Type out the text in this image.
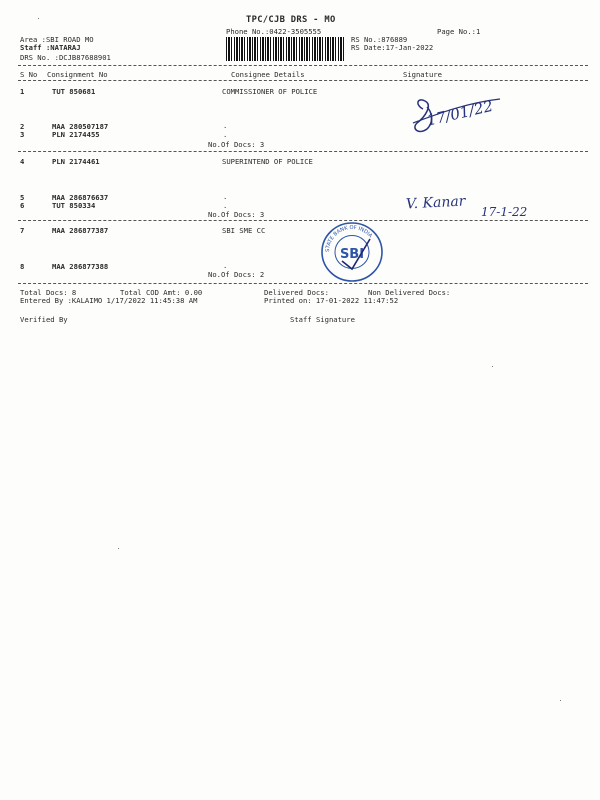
TPC/CJB DRS - MO
Phone No.:0422-3505555	Page No.:1
Area :SBI ROAD MO
Staff :NATARAJ
DRS No. :DCJB87688901
RS No.:876889
RS Date:17-Jan-2022
S No Consignment No	Consignee Details	Signature
1	TUT 850681	COMMISSIONER OF POLICE
2	MAA 280507187	.
3	PLN 2174455	.
No.Of Docs: 3
4	PLN 2174461	SUPERINTEND OF POLICE
5	MAA 286876637	.
6	TUT 850334	.
No.Of Docs: 3
7	MAA 286877387	SBI SME CC
8	MAA 286877388	.
No.Of Docs: 2
Total Docs: 8	Total COD Amt: 0.00	Delivered Docs:	Non Delivered Docs:
Entered By :KALAIMO 1/17/2022 11:45:38 AM	Printed on: 17-01-2022 11:47:52
Verified By	Staff Signature
17/01/22
V. Kanar 17-1-22
STATE BANK OF INDIA
SBI
